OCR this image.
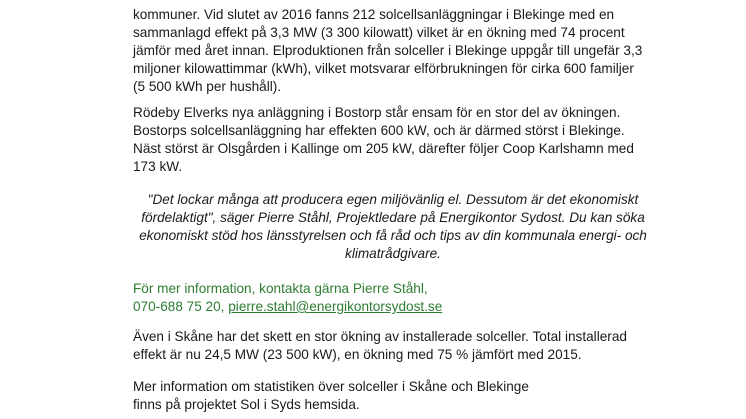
kommuner. Vid slutet av 2016 fanns 212 solcellsanläggningar i Blekinge med en

sammanlagd effekt på 3,3 MW (3 300 kilowatt) vilket är en ökning med 74 procent

jämför med året innan. Elproduktionen från solceller i Blekinge uppgår till ungefär 3,3

miljoner kilowattimmar (kWh), vilket motsvarar elförbrukningen för cirka 600 familjer

(5 500 kWh per hushåll).

Rödeby Elverks nya anläggning i Bostorp står ensam för en stor del av ökningen.

Bostorps solcellsanläggning har effekten 600 kW, och är därmed störst i Blekinge.

Näst störst är Olsgården i Kallinge om 205 kW, därefter följer Coop Karlshamn med

173 kW.

"Det lockar många att producera egen miljövänlig el. Dessutom är det ekonomiskt

fördelaktigt", säger Pierre Ståhl, Projektledare på Energikontor Sydost. Du kan söka

ekonomiskt stöd hos länsstyrelsen och få råd och tips av din kommunala energi- och

klimatrådgivare.

För mer information, kontakta gärna Pierre Ståhl,

070-688 75 20, pierre.stahl@energikontorsydost.se

Även i Skåne har det skett en stor ökning av installerade solceller. Total installerad

effekt är nu 24,5 MW (23 500 kW), en ökning med 75 % jämfört med 2015.

Mer information om statistiken över solceller i Skåne och Blekinge

finns på projektet Sol i Syds hemsida.
